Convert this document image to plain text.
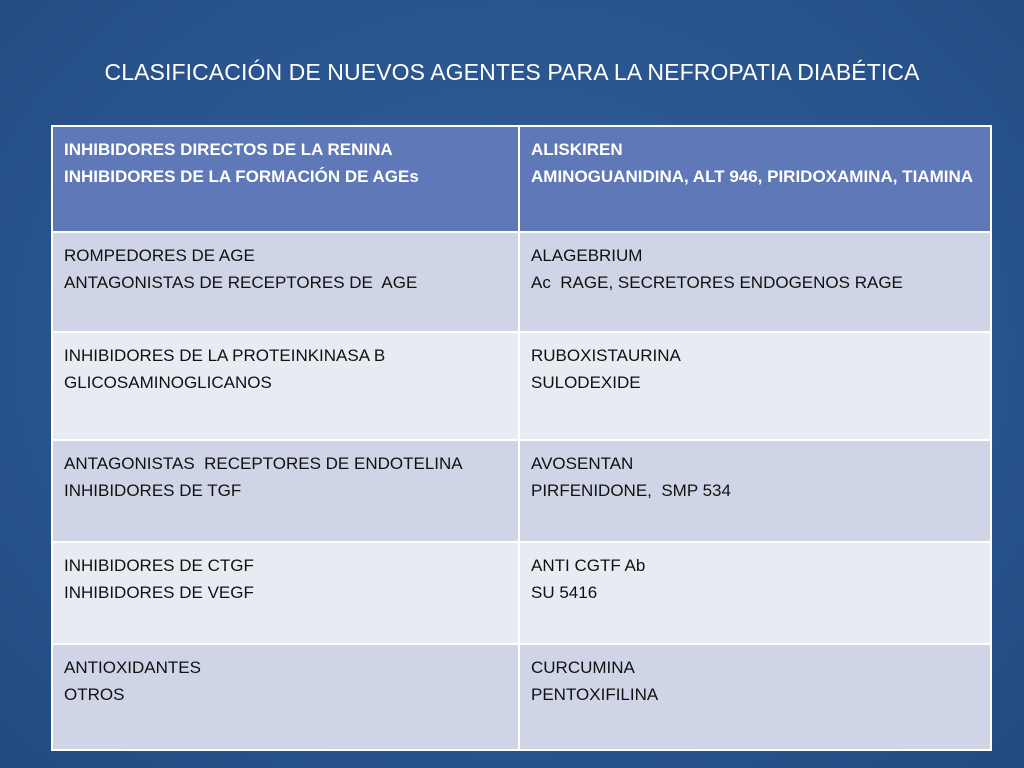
CLASIFICACIÓN DE NUEVOS AGENTES PARA LA NEFROPATIA DIABÉTICA
INHIBIDORES DIRECTOS DE LA RENINA
INHIBIDORES DE LA FORMACIÓN DE AGEs
ALISKIREN
AMINOGUANIDINA, ALT 946, PIRIDOXAMINA, TIAMINA
ROMPEDORES DE AGE
ANTAGONISTAS DE RECEPTORES DE  AGE
ALAGEBRIUM
Ac  RAGE, SECRETORES ENDOGENOS RAGE
INHIBIDORES DE LA PROTEINKINASA B
GLICOSAMINOGLICANOS
RUBOXISTAURINA
SULODEXIDE
ANTAGONISTAS  RECEPTORES DE ENDOTELINA
INHIBIDORES DE TGF
AVOSENTAN
PIRFENIDONE,  SMP 534
INHIBIDORES DE CTGF
INHIBIDORES DE VEGF
ANTI CGTF Ab
SU 5416
ANTIOXIDANTES
OTROS
CURCUMINA
PENTOXIFILINA
